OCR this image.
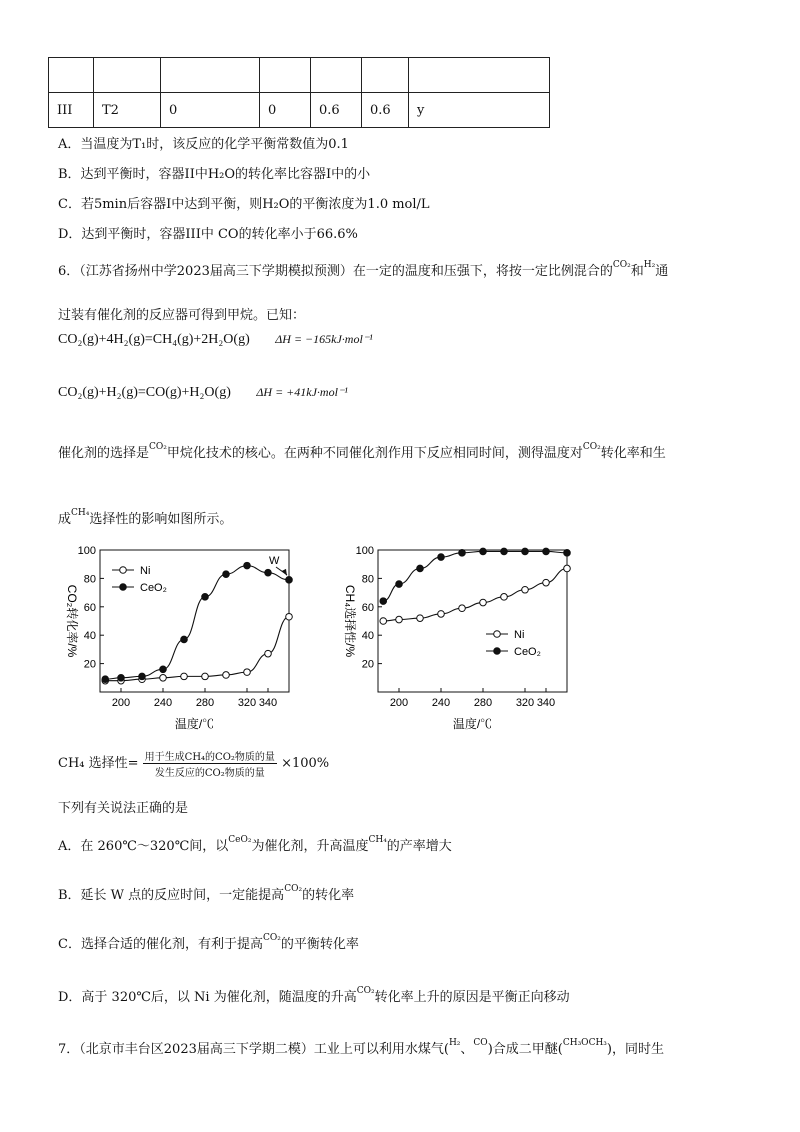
III	T2	0	0	0.6	0.6	y
A．当温度为T₁时，该反应的化学平衡常数值为0.1
B．达到平衡时，容器II中H₂O的转化率比容器I中的小
C．若5min后容器I中达到平衡，则H₂O的平衡浓度为1.0 mol/L
D．达到平衡时，容器III中 CO的转化率小于66.6%
6．（江苏省扬州中学2023届高三下学期模拟预测）在一定的温度和压强下，将按一定比例混合的$^{CO_2}$和$^{H_2}$通
过装有催化剂的反应器可得到甲烷。已知：
CO₂(g)+4H₂(g)=CH₄(g)+2H₂O(g) ΔH = −165kJ·mol⁻¹
CO₂(g)+H₂(g)=CO(g)+H₂O(g) ΔH = +41kJ·mol⁻¹
催化剂的选择是$^{CO_2}$甲烷化技术的核心。在两种不同催化剂作用下反应相同时间，测得温度对$^{CO_2}$转化率和生
成$^{CH_4}$选择性的影响如图所示。
200 240 280 320 340
20
40
60
80
100
温度/℃
CO₂转化率/%
Ni
CeO₂
W
200 240 280 320 340
20
40
60
80
100
温度/℃
CH₄选择性/%	Ni
CeO₂
CH₄ 选择性= $\frac{\text{用于生成CH₄的CO₂物质的量}}{\text{发生反应的CO₂物质的量}} \times 100\%$
下列有关说法正确的是
A．在 260℃～320℃间，以$^{CeO_2}$为催化剂，升高温度$^{CH_4}$的产率增大
B．延长 W 点的反应时间，一定能提高$^{CO_2}$的转化率
C．选择合适的催化剂，有利于提高$^{CO_2}$的平衡转化率
D．高于 320℃后，以 Ni 为催化剂，随温度的升高$^{CO_2}$转化率上升的原因是平衡正向移动
7．（北京市丰台区2023届高三下学期二模）工业上可以利用水煤气($^{H_2}$、$^{CO}$)合成二甲醚($^{CH_3OCH_3}$)，同时生
